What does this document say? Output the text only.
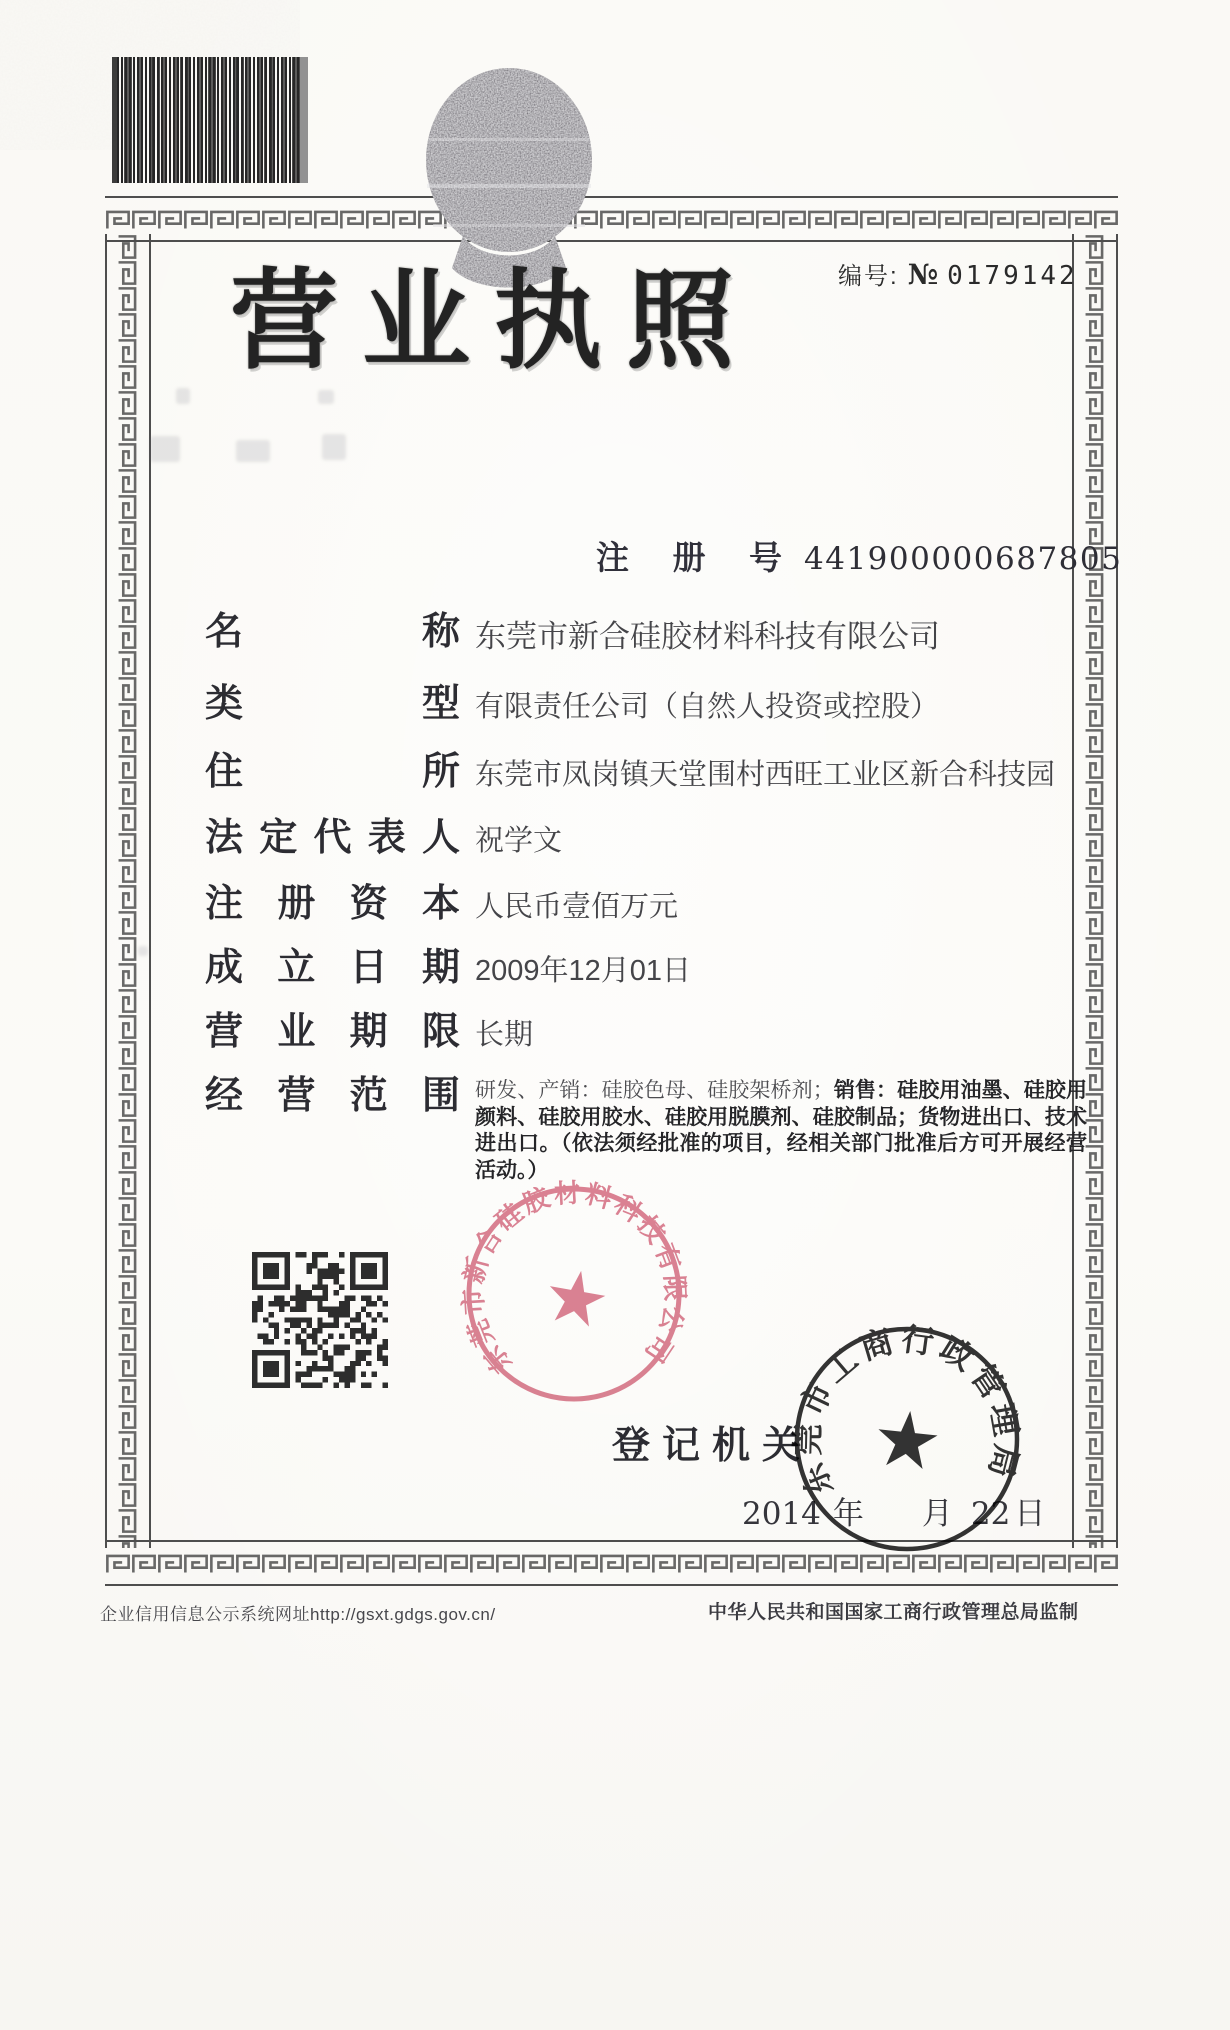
编号: № 0179142
营业执照
注册号 441900000687805
名称 东莞市新合硅胶材料科技有限公司
类型 有限责任公司（自然人投资或控股）
住所 东莞市凤岗镇天堂围村西旺工业区新合科技园
法定代表人 祝学文
注册资本 人民币壹佰万元
成立日期 2009年12月01日
营业期限 长期
经营范围 研发、产销：硅胶色母、硅胶架桥剂；销售：硅胶用油墨、硅胶用颜料、硅胶用胶水、硅胶用脱膜剂、硅胶制品；货物进出口、技术进出口。（依法须经批准的项目，经相关部门批准后方可开展经营活动。）
东莞市新合硅胶材料科技有限公司
登记机关
2014 年 月 22 日
东莞市工商行政管理局
企业信用信息公示系统网址http://gsxt.gdgs.gov.cn/	中华人民共和国国家工商行政管理总局监制
